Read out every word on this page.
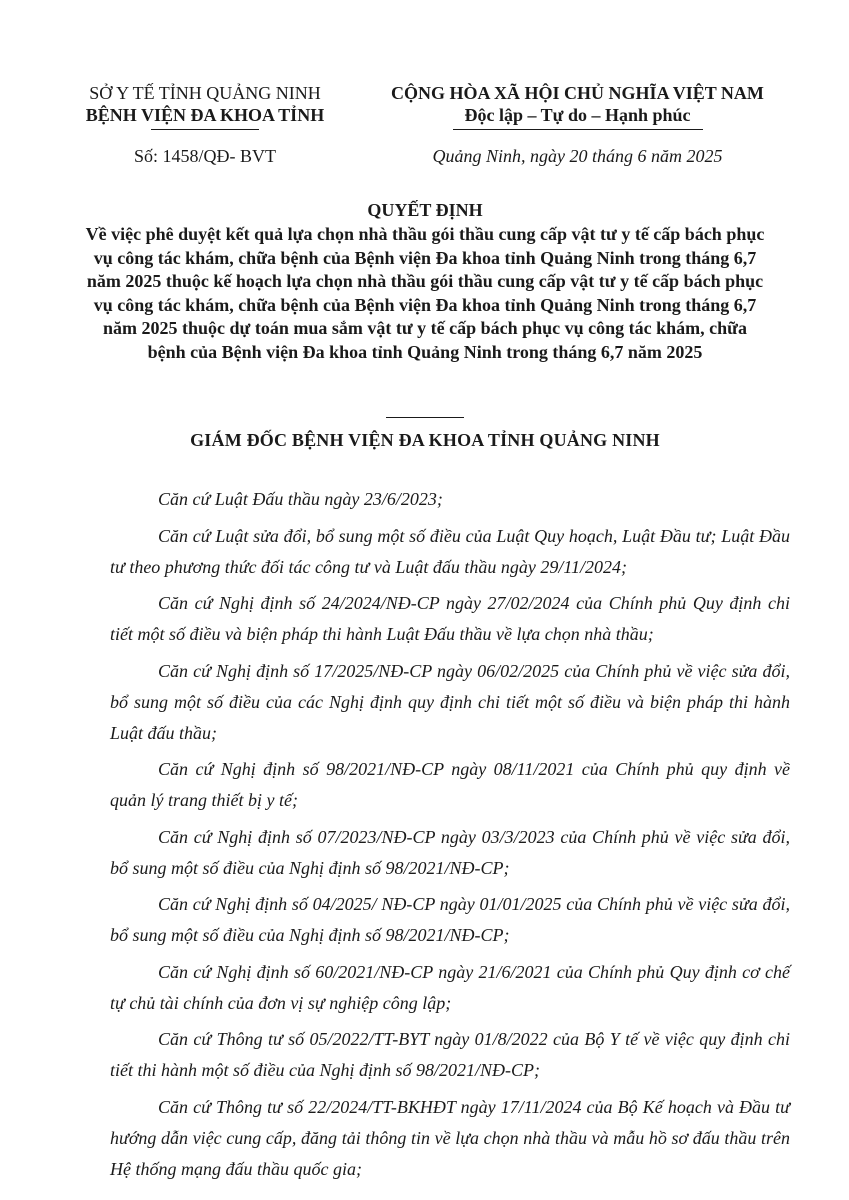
SỞ Y TẾ TỈNH QUẢNG NINH
BỆNH VIỆN ĐA KHOA TỈNH
Số: 1458/QĐ- BVT
CỘNG HÒA XÃ HỘI CHỦ NGHĨA VIỆT NAM
Độc lập – Tự do – Hạnh phúc
Quảng Ninh, ngày 20 tháng 6 năm 2025
QUYẾT ĐỊNH
Về việc phê duyệt kết quả lựa chọn nhà thầu gói thầu cung cấp vật tư y tế cấp bách phục vụ công tác khám, chữa bệnh của Bệnh viện Đa khoa tỉnh Quảng Ninh trong tháng 6,7 năm 2025 thuộc kế hoạch lựa chọn nhà thầu gói thầu cung cấp vật tư y tế cấp bách phục vụ công tác khám, chữa bệnh của Bệnh viện Đa khoa tỉnh Quảng Ninh trong tháng 6,7 năm 2025 thuộc dự toán mua sắm vật tư y tế cấp bách phục vụ công tác khám, chữa bệnh của Bệnh viện Đa khoa tỉnh Quảng Ninh trong tháng 6,7 năm 2025
GIÁM ĐỐC BỆNH VIỆN ĐA KHOA TỈNH QUẢNG NINH

Căn cứ Luật Đấu thầu ngày 23/6/2023;

Căn cứ Luật sửa đổi, bổ sung một số điều của Luật Quy hoạch, Luật Đầu tư; Luật Đầu tư theo phương thức đối tác công tư và Luật đấu thầu ngày 29/11/2024;

Căn cứ Nghị định số 24/2024/NĐ-CP ngày 27/02/2024 của Chính phủ Quy định chi tiết một số điều và biện pháp thi hành Luật Đấu thầu về lựa chọn nhà thầu;

Căn cứ Nghị định số 17/2025/NĐ-CP ngày 06/02/2025 của Chính phủ về việc sửa đổi, bổ sung một số điều của các Nghị định quy định chi tiết một số điều và biện pháp thi hành Luật đấu thầu;

Căn cứ Nghị định số 98/2021/NĐ-CP ngày 08/11/2021 của Chính phủ quy định về quản lý trang thiết bị y tế;

Căn cứ Nghị định số 07/2023/NĐ-CP ngày 03/3/2023 của Chính phủ về việc sửa đổi, bổ sung một số điều của Nghị định số 98/2021/NĐ-CP;

Căn cứ Nghị định số 04/2025/ NĐ-CP ngày 01/01/2025 của Chính phủ về việc sửa đổi, bổ sung một số điều của Nghị định số 98/2021/NĐ-CP;

Căn cứ Nghị định số 60/2021/NĐ-CP ngày 21/6/2021 của Chính phủ Quy định cơ chế tự chủ tài chính của đơn vị sự nghiệp công lập;

Căn cứ Thông tư số 05/2022/TT-BYT ngày 01/8/2022 của Bộ Y tế về việc quy định chi tiết thi hành một số điều của Nghị định số 98/2021/NĐ-CP;

Căn cứ Thông tư số 22/2024/TT-BKHĐT ngày 17/11/2024 của Bộ Kế hoạch và Đầu tư hướng dẫn việc cung cấp, đăng tải thông tin về lựa chọn nhà thầu và mẫu hồ sơ đấu thầu trên Hệ thống mạng đấu thầu quốc gia;
